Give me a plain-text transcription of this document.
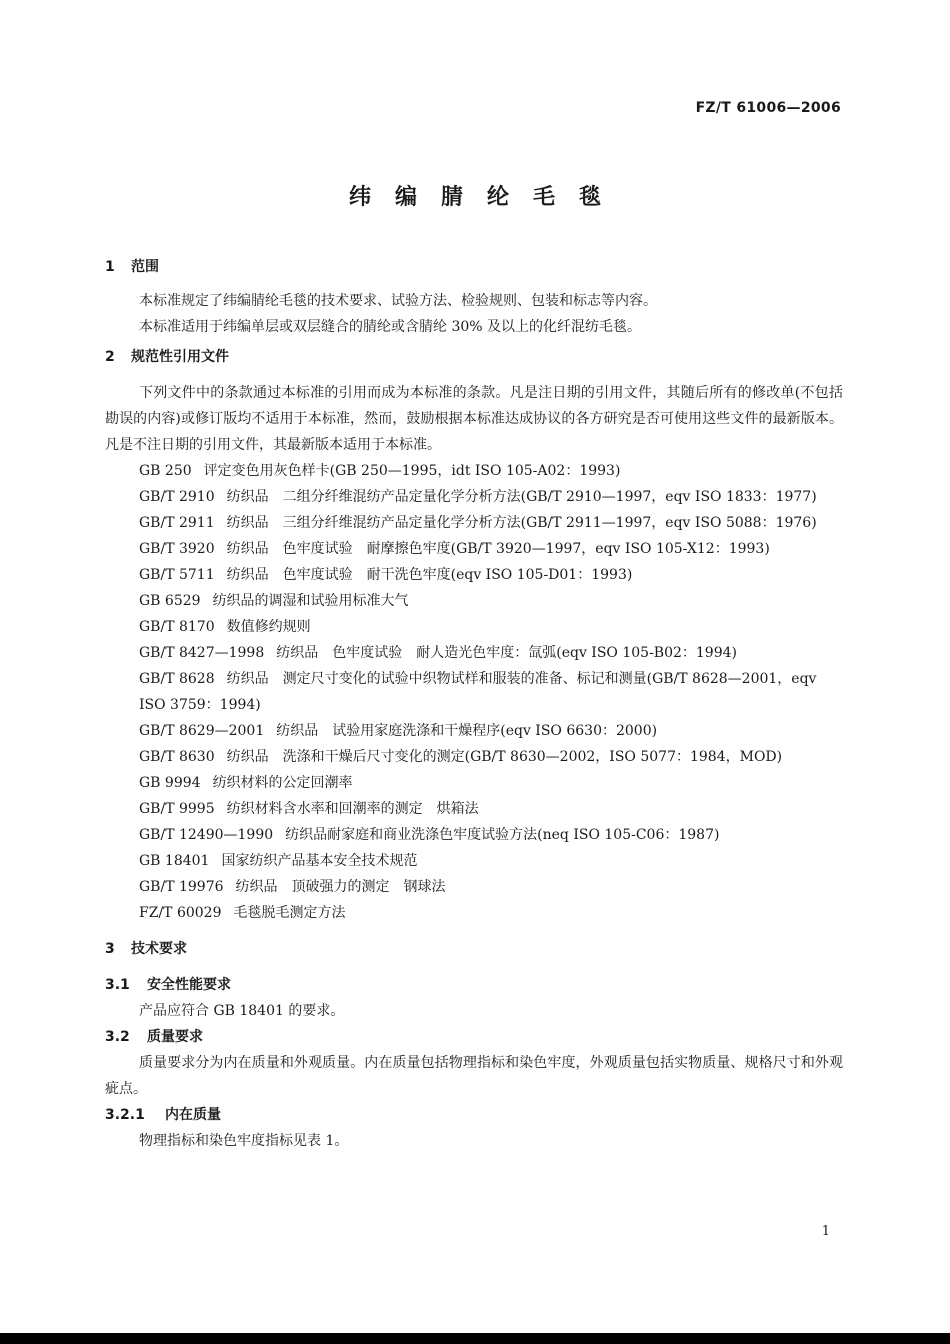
FZ/T 61006—2006
纬编腈纶毛毯
1 范围

本标准规定了纬编腈纶毛毯的技术要求、试验方法、检验规则、包装和标志等内容。

本标准适用于纬编单层或双层缝合的腈纶或含腈纶 30% 及以上的化纤混纺毛毯。

2 规范性引用文件

下列文件中的条款通过本标准的引用而成为本标准的条款。凡是注日期的引用文件，其随后所有的修改单(不包括勘误的内容)或修订版均不适用于本标准，然而，鼓励根据本标准达成协议的各方研究是否可使用这些文件的最新版本。凡是不注日期的引用文件，其最新版本适用于本标准。

GB 250 评定变色用灰色样卡(GB 250—1995，idt ISO 105-A02：1993)

GB/T 2910 纺织品　二组分纤维混纺产品定量化学分析方法(GB/T 2910—1997，eqv ISO 1833：1977)

GB/T 2911 纺织品　三组分纤维混纺产品定量化学分析方法(GB/T 2911—1997，eqv ISO 5088：1976)

GB/T 3920 纺织品　色牢度试验　耐摩擦色牢度(GB/T 3920—1997，eqv ISO 105-X12：1993)

GB/T 5711 纺织品　色牢度试验　耐干洗色牢度(eqv ISO 105-D01：1993)

GB 6529 纺织品的调湿和试验用标准大气

GB/T 8170 数值修约规则

GB/T 8427—1998 纺织品　色牢度试验　耐人造光色牢度：氙弧(eqv ISO 105-B02：1994)

GB/T 8628 纺织品　测定尺寸变化的试验中织物试样和服装的准备、标记和测量(GB/T 8628—2001，eqv ISO 3759：1994)

GB/T 8629—2001 纺织品　试验用家庭洗涤和干燥程序(eqv ISO 6630：2000)

GB/T 8630 纺织品　洗涤和干燥后尺寸变化的测定(GB/T 8630—2002，ISO 5077：1984，MOD)

GB 9994 纺织材料的公定回潮率

GB/T 9995 纺织材料含水率和回潮率的测定　烘箱法

GB/T 12490—1990 纺织品耐家庭和商业洗涤色牢度试验方法(neq ISO 105-C06：1987)

GB 18401 国家纺织产品基本安全技术规范

GB/T 19976 纺织品　顶破强力的测定　钢球法

FZ/T 60029 毛毯脱毛测定方法

3 技术要求
3.1 安全性能要求

产品应符合 GB 18401 的要求。

3.2 质量要求

质量要求分为内在质量和外观质量。内在质量包括物理指标和染色牢度，外观质量包括实物质量、规格尺寸和外观疵点。

3.2.1 内在质量

物理指标和染色牢度指标见表 1。

1
